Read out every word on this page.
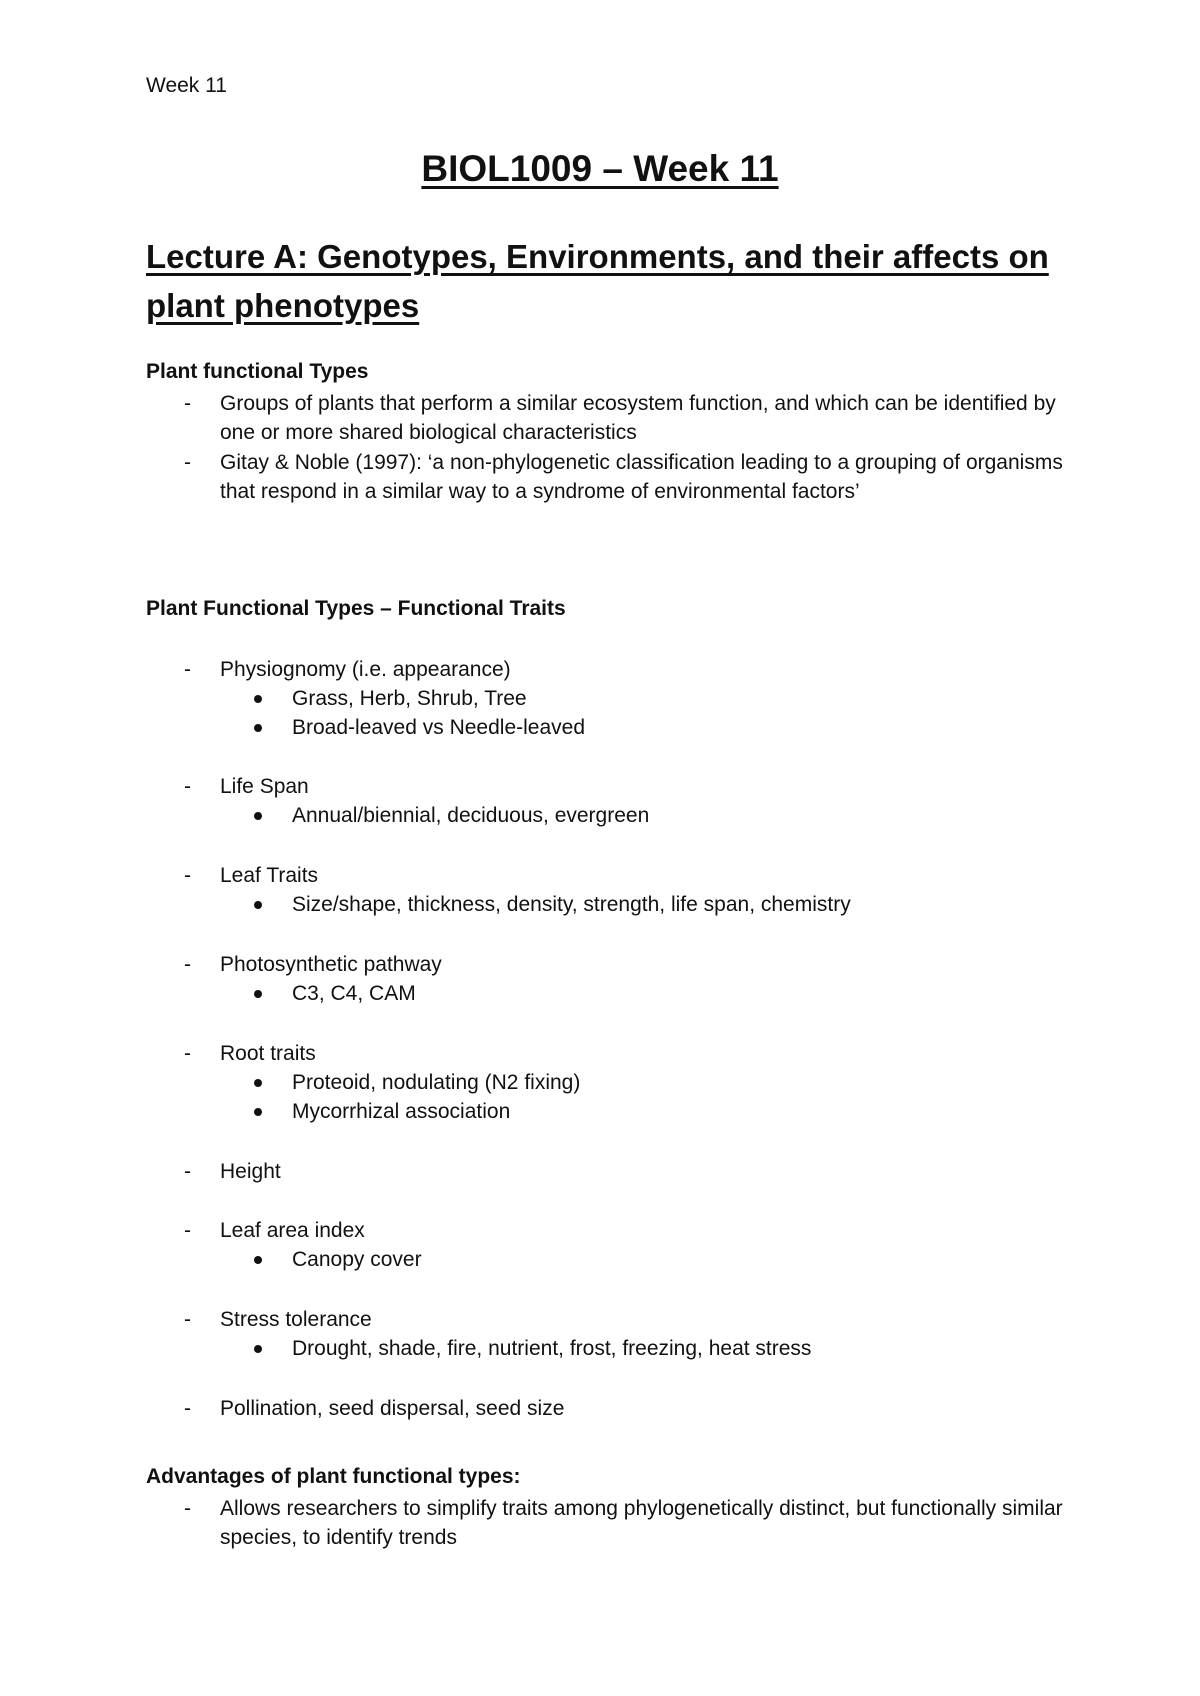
Week 11
BIOL1009 – Week 11
Lecture A: Genotypes, Environments, and their affects on plant phenotypes
Plant functional Types
- Groups of plants that perform a similar ecosystem function, and which can be identified by one or more shared biological characteristics
- Gitay & Noble (1997): ‘a non-phylogenetic classification leading to a grouping of organisms that respond in a similar way to a syndrome of environmental factors’
Plant Functional Types – Functional Traits
- Physiognomy (i.e. appearance)
Grass, Herb, Shrub, Tree
Broad-leaved vs Needle-leaved
- Life Span
Annual/biennial, deciduous, evergreen
- Leaf Traits
Size/shape, thickness, density, strength, life span, chemistry
- Photosynthetic pathway
C3, C4, CAM
- Root traits
Proteoid, nodulating (N2 fixing)
Mycorrhizal association
- Height
- Leaf area index
Canopy cover
- Stress tolerance
Drought, shade, fire, nutrient, frost, freezing, heat stress
- Pollination, seed dispersal, seed size
Advantages of plant functional types:
- Allows researchers to simplify traits among phylogenetically distinct, but functionally similar species, to identify trends
